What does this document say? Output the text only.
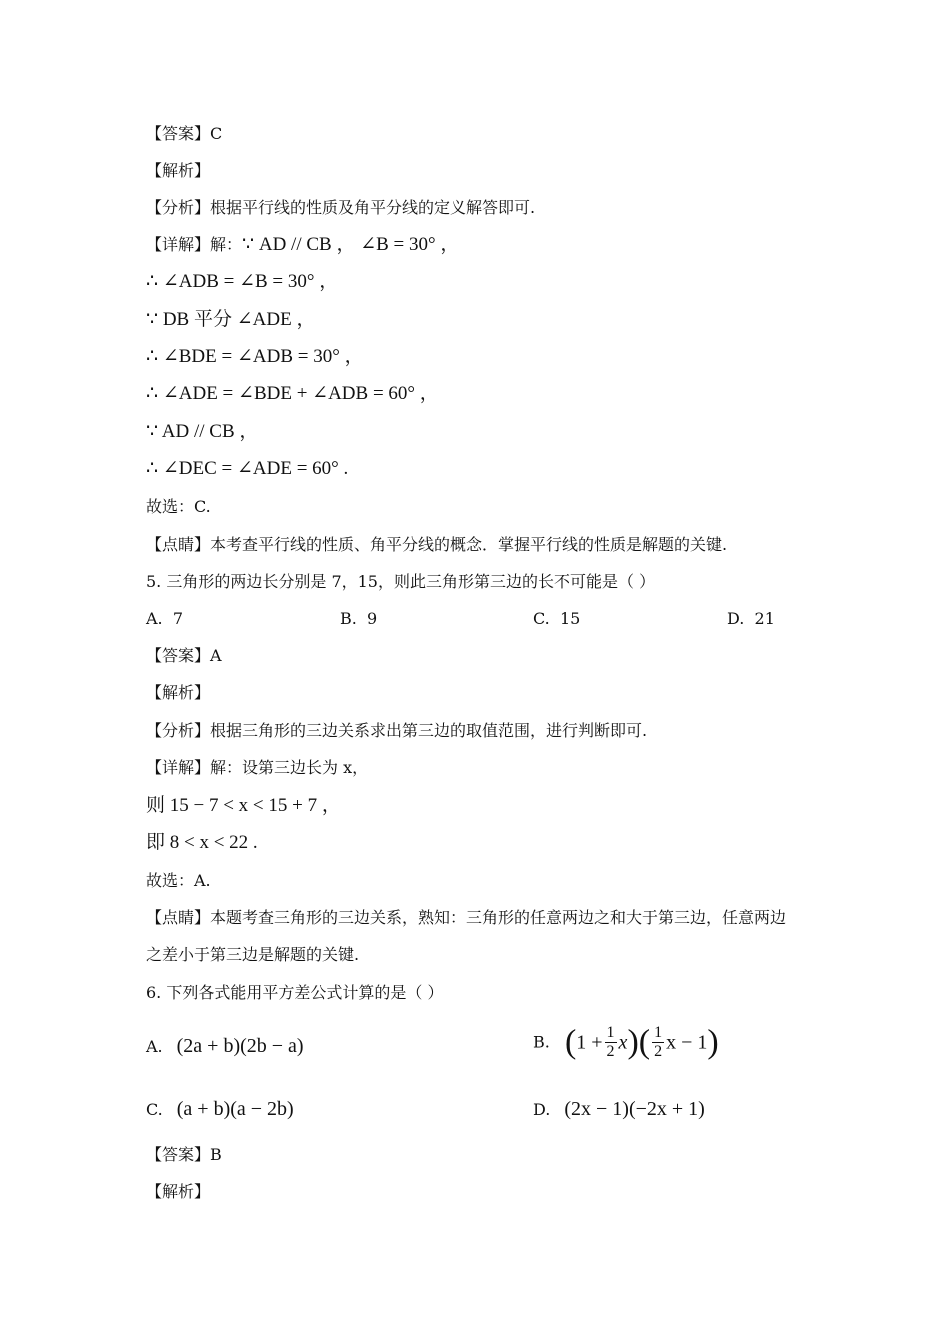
【答案】C
【解析】
【分析】根据平行线的性质及角平分线的定义解答即可.
【详解】解：∵ AD // CB ， ∠B = 30° ，
∴ ∠ADB = ∠B = 30° ，
∵ DB 平分 ∠ADE ，
∴ ∠BDE = ∠ADB = 30° ，
∴ ∠ADE = ∠BDE + ∠ADB = 60° ，
∵ AD // CB ，
∴ ∠DEC = ∠ADE = 60° .
故选：C.
【点睛】本考查平行线的性质、角平分线的概念．掌握平行线的性质是解题的关键.
5. 三角形的两边长分别是 7，15，则此三角形第三边的长不可能是（ ）
A. 7	B. 9	C. 15	D. 21
【答案】A
【解析】
【分析】根据三角形的三边关系求出第三边的取值范围，进行判断即可.
【详解】解：设第三边长为 x，
则 15 − 7 < x < 15 + 7 ，
即 8 < x < 22 .
故选：A.
【点睛】本题考查三角形的三边关系，熟知：三角形的任意两边之和大于第三边，任意两边
之差小于第三边是解题的关键.
6. 下列各式能用平方差公式计算的是（ ）
A. (2a + b)(2b − a)	B. $(1 + \frac{1}{2} x)( \frac{1}{2}$ x − 1)
C. (a + b)(a − 2b)	D. (2x − 1)(−2x + 1)
【答案】B
【解析】
